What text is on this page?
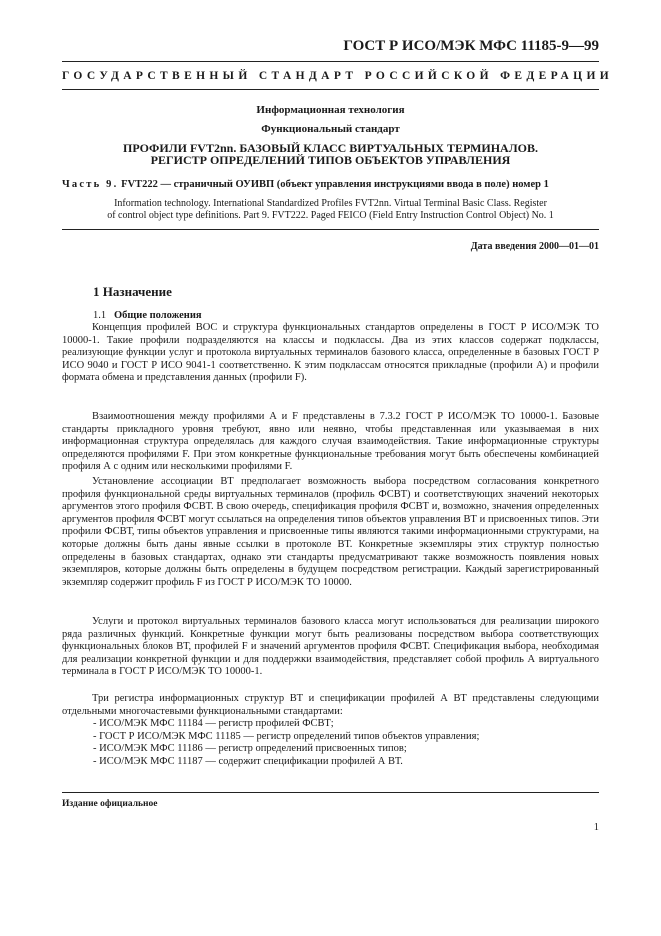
ГОСТ Р ИСО/МЭК МФС 11185-9—99
ГОСУДАРСТВЕННЫЙ СТАНДАРТ РОССИЙСКОЙ ФЕДЕРАЦИИ
Информационная технология
Функциональный стандарт
ПРОФИЛИ FVT2nn. БАЗОВЫЙ КЛАСС ВИРТУАЛЬНЫХ ТЕРМИНАЛОВ.
РЕГИСТР ОПРЕДЕЛЕНИЙ ТИПОВ ОБЪЕКТОВ УПРАВЛЕНИЯ
Часть 9. FVT222 — страничный ОУИВП (объект управления инструкциями ввода в поле) номер 1
Information technology. International Standardized Profiles FVT2nn. Virtual Terminal Basic Class. Register
of control object type definitions. Part 9. FVT222. Paged FEICO (Field Entry Instruction Control Object) No. 1
Дата введения 2000—01—01
1 Назначение
1.1 Общие положения

Концепция профилей ВОС и структура функциональных стандартов определены в ГОСТ Р ИСО/МЭК ТО 10000-1. Такие профили подразделяются на классы и подклассы. Два из этих классов содержат подклассы, реализующие функции услуг и протокола виртуальных терминалов базового класса, определенные в базовых ГОСТ Р ИСО 9040 и ГОСТ Р ИСО 9041-1 соответственно. К этим подклассам относятся прикладные (профили А) и профили формата обмена и представления данных (профили F).

Взаимоотношения между профилями А и F представлены в 7.3.2 ГОСТ Р ИСО/МЭК ТО 10000-1. Базовые стандарты прикладного уровня требуют, явно или неявно, чтобы представленная или указываемая в них информационная структура определялась для каждого случая взаимодействия. Такие информационные структуры определяются профилями F. При этом конкретные функциональные требования могут быть обеспечены комбинацией профиля А с одним или несколькими профилями F.

Установление ассоциации ВТ предполагает возможность выбора посредством согласования конкретного профиля функциональной среды виртуальных терминалов (профиль ФСВТ) и соответствующих значений некоторых аргументов этого профиля ФСВТ. В свою очередь, спецификация профиля ФСВТ и, возможно, значения определенных аргументов профиля ФСВТ могут ссылаться на определения типов объектов управления ВТ и присвоенных типов. Эти профили ФСВТ, типы объектов управления и присвоенные типы являются такими информационными структурами, на которые должны быть даны явные ссылки в протоколе ВТ. Конкретные экземпляры этих структур полностью определены в базовых стандартах, однако эти стандарты предусматривают также возможность появления новых экземпляров, которые должны быть определены в будущем посредством регистрации. Каждый зарегистрированный экземпляр содержит профиль F из ГОСТ Р ИСО/МЭК ТО 10000.

Услуги и протокол виртуальных терминалов базового класса могут использоваться для реализации широкого ряда различных функций. Конкретные функции могут быть реализованы посредством выбора соответствующих функциональных блоков ВТ, профилей F и значений аргументов профиля ФСВТ. Спецификация выбора, необходимая для реализации конкретной функции и для поддержки взаимодействия, представляет собой профиль А виртуального терминала в ГОСТ Р ИСО/МЭК ТО 10000-1.

Три регистра информационных структур ВТ и спецификации профилей А ВТ представлены следующими отдельными многочастевыми функциональными стандартами:

- ИСО/МЭК МФС 11184 — регистр профилей ФСВТ;
- ГОСТ Р ИСО/МЭК МФС 11185 — регистр определений типов объектов управления;
- ИСО/МЭК МФС 11186 — регистр определений присвоенных типов;
- ИСО/МЭК МФС 11187 — содержит спецификации профилей А ВТ.
Издание официальное
1
